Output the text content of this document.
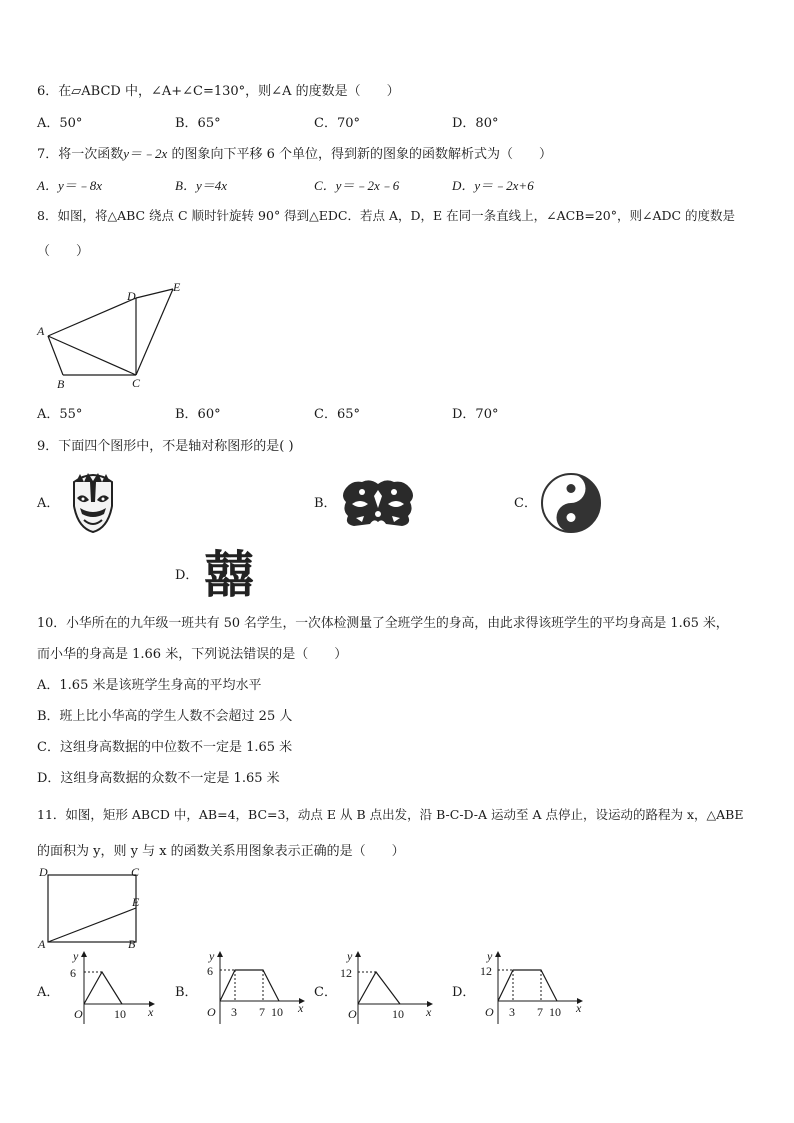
6．在▱ABCD 中，∠A+∠C=130°，则∠A 的度数是（　　）
A．50°	B．65°	C．70°	D．80°
7．将一次函数y＝﹣2x 的图象向下平移 6 个单位，得到新的图象的函数解析式为（　　）
A．y＝﹣8x	B．y＝4x	C．y＝﹣2x﹣6	D．y＝﹣2x+6
8．如图，将△ABC 绕点 C 顺时针旋转 90° 得到△EDC．若点 A，D，E 在同一条直线上，∠ACB=20°，则∠ADC 的度数是
（　　）
A
B	C
D
E
A．55°	B．60°	C．65°	D．70°
9．下面四个图形中，不是轴对称图形的是( )
A．	B．	C．
D． 囍
10．小华所在的九年级一班共有 50 名学生，一次体检测量了全班学生的身高，由此求得该班学生的平均身高是 1.65 米，
而小华的身高是 1.66 米，下列说法错误的是（　　）
A．1.65 米是该班学生身高的平均水平
B．班上比小华高的学生人数不会超过 25 人
C．这组身高数据的中位数不一定是 1.65 米
D．这组身高数据的众数不一定是 1.65 米
11．如图，矩形 ABCD 中，AB=4，BC=3，动点 E 从 B 点出发，沿 B-C-D-A 运动至 A 点停止，设运动的路程为 x，△ABE
的面积为 y，则 y 与 x 的函数关系用图象表示正确的是（　　）
D	C
E
A	B
A．
6
10
O
y
x
B．
6
3 7 10
O
y
x
C．
12
10
O
y
x
D．
12
3 7 10
O
y
x
